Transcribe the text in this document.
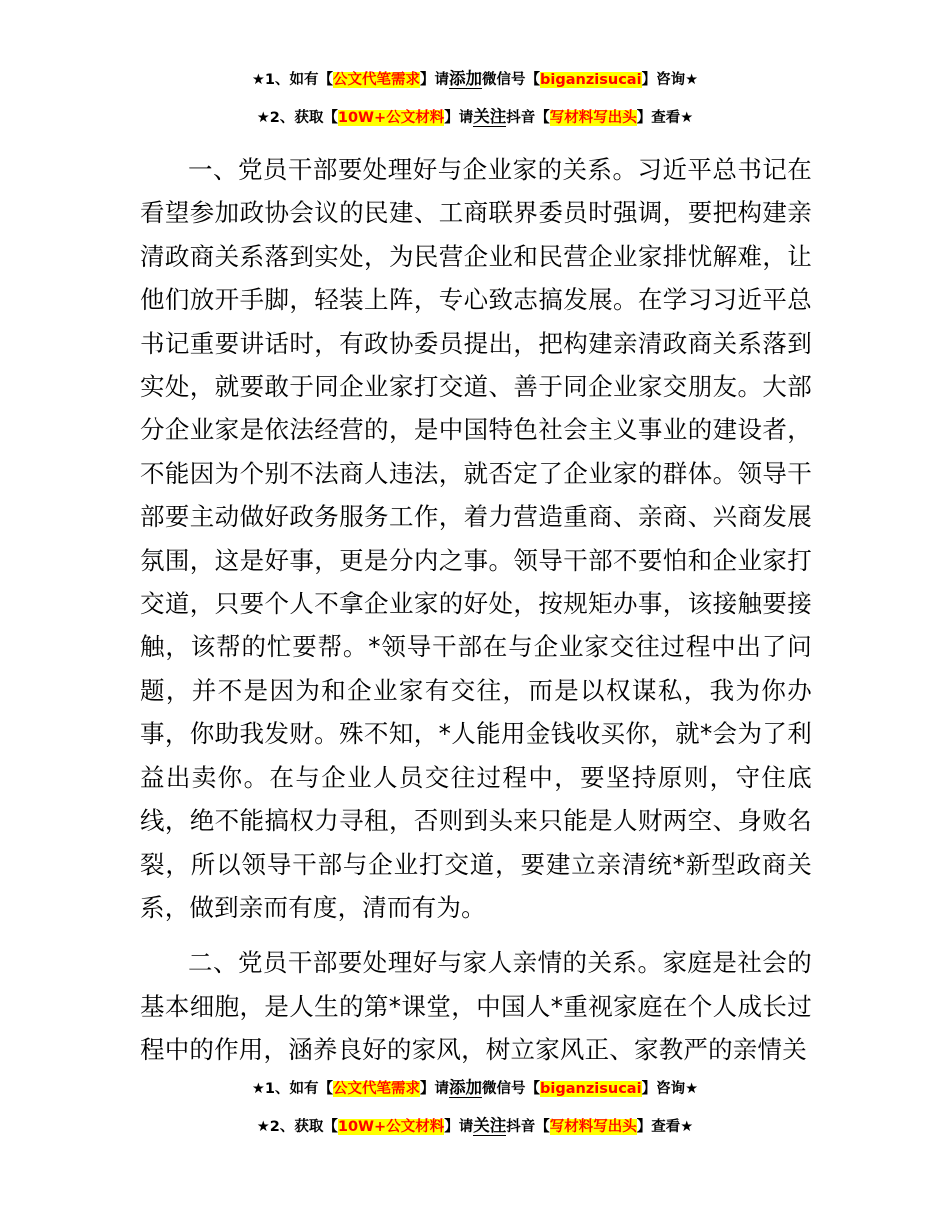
★1、如有【公文代笔需求】请添加微信号【biganzisucai】咨询★
★2、获取【10W+公文材料】请关注抖音【写材料写出头】查看★

一、党员干部要处理好与企业家的关系。习近平总书记在看望参加政协会议的民建、工商联界委员时强调，要把构建亲清政商关系落到实处，为民营企业和民营企业家排忧解难，让他们放开手脚，轻装上阵，专心致志搞发展。在学习习近平总书记重要讲话时，有政协委员提出，把构建亲清政商关系落到实处，就要敢于同企业家打交道、善于同企业家交朋友。大部分企业家是依法经营的，是中国特色社会主义事业的建设者，不能因为个别不法商人违法，就否定了企业家的群体。领导干部要主动做好政务服务工作，着力营造重商、亲商、兴商发展氛围，这是好事，更是分内之事。领导干部不要怕和企业家打交道，只要个人不拿企业家的好处，按规矩办事，该接触要接触，该帮的忙要帮。*领导干部在与企业家交往过程中出了问题，并不是因为和企业家有交往，而是以权谋私，我为你办事，你助我发财。殊不知，*人能用金钱收买你，就*会为了利益出卖你。在与企业人员交往过程中，要坚持原则，守住底线，绝不能搞权力寻租，否则到头来只能是人财两空、身败名裂，所以领导干部与企业打交道，要建立亲清统*新型政商关系，做到亲而有度，清而有为。

二、党员干部要处理好与家人亲情的关系。家庭是社会的基本细胞，是人生的第*课堂，中国人*重视家庭在个人成长过程中的作用，涵养良好的家风，树立家风正、家教严的亲情关

★1、如有【公文代笔需求】请添加微信号【biganzisucai】咨询★
★2、获取【10W+公文材料】请关注抖音【写材料写出头】查看★
